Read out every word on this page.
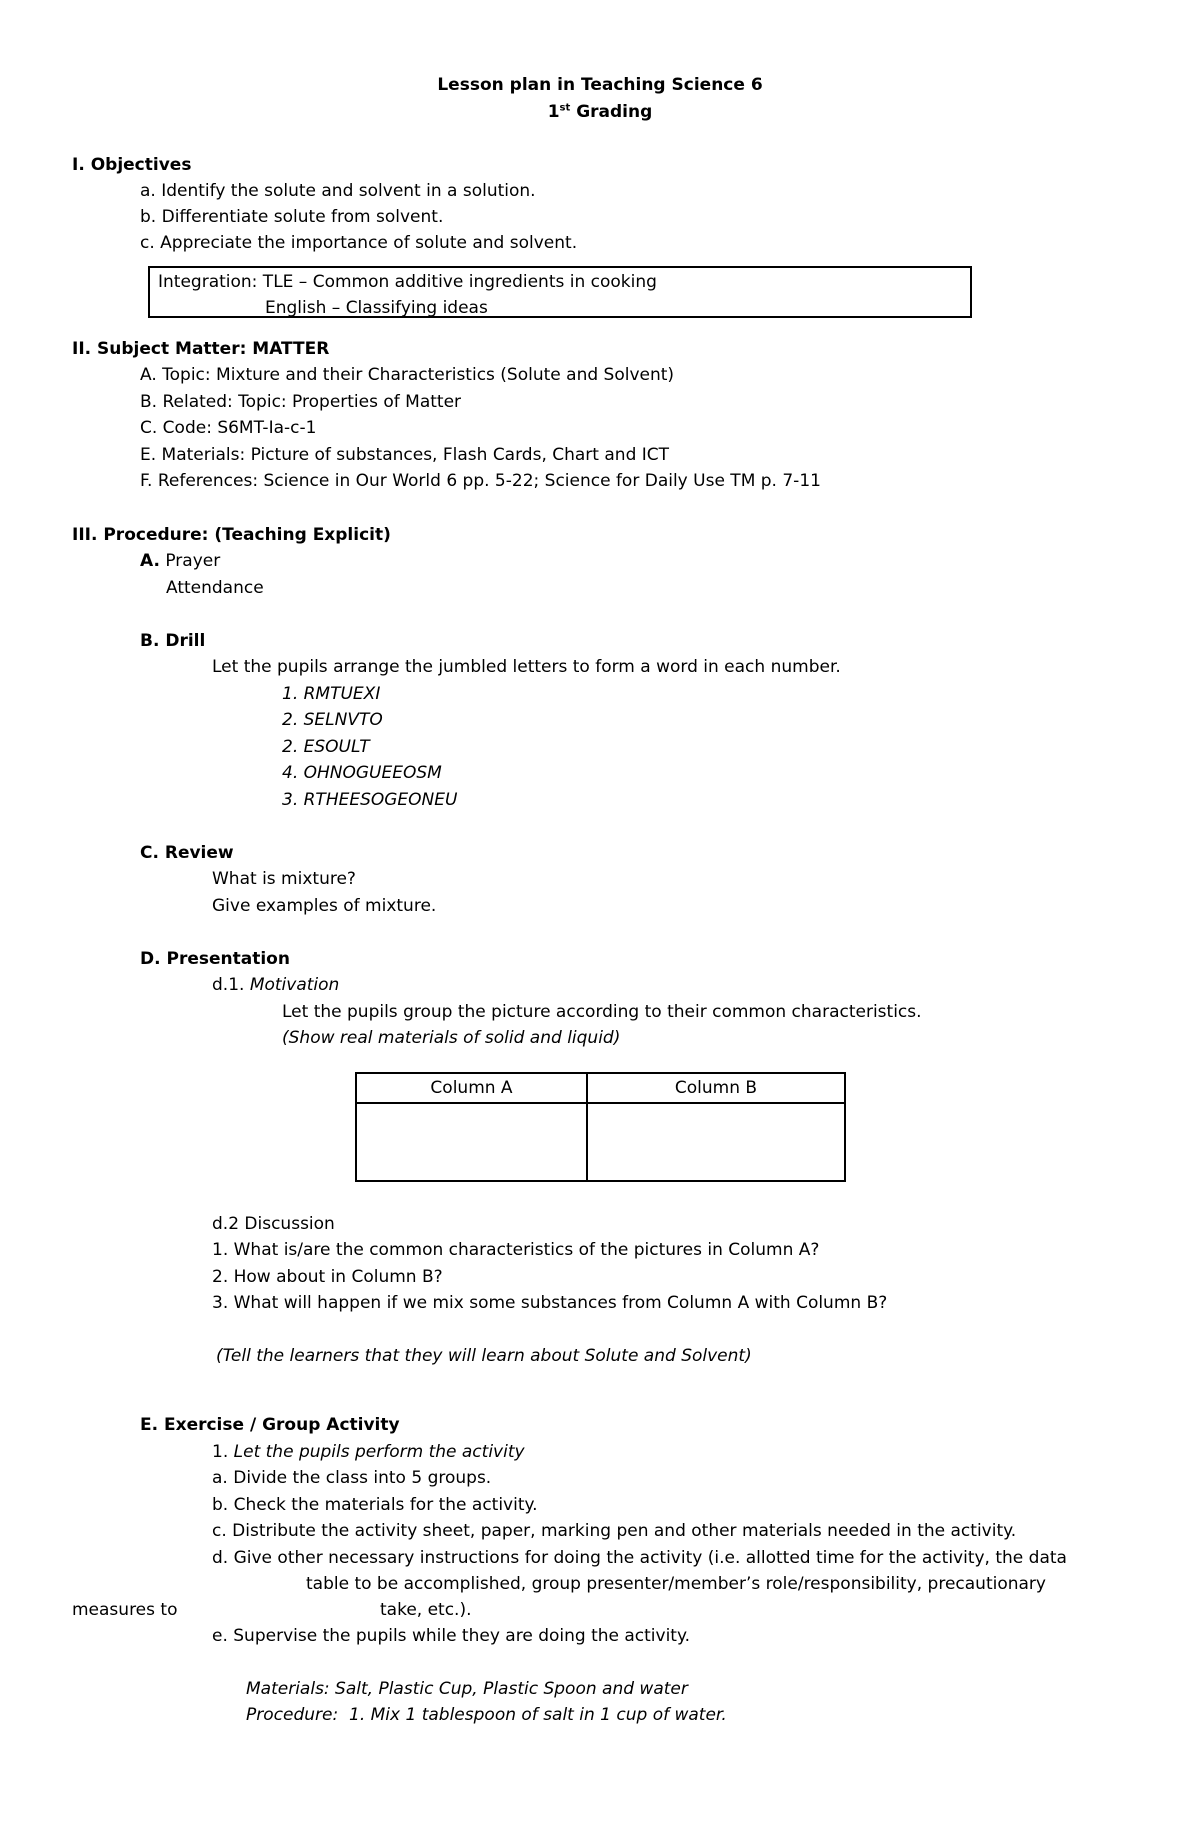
Lesson plan in Teaching Science 6
1st Grading
I. Objectives
a. Identify the solute and solvent in a solution.
b. Differentiate solute from solvent.
c. Appreciate the importance of solute and solvent.
Integration: TLE – Common additive ingredients in cooking
English – Classifying ideas
II. Subject Matter: MATTER
A. Topic: Mixture and their Characteristics (Solute and Solvent)
B. Related: Topic: Properties of Matter
C. Code: S6MT-Ia-c-1
E. Materials: Picture of substances, Flash Cards, Chart and ICT
F. References: Science in Our World 6 pp. 5-22; Science for Daily Use TM p. 7-11
III. Procedure: (Teaching Explicit)
A. Prayer
Attendance
B. Drill
Let the pupils arrange the jumbled letters to form a word in each number.
1. RMTUEXI
2. SELNVTO
2. ESOULT
4. OHNOGUEEOSM
3. RTHEESOGEONEU
C. Review
What is mixture?
Give examples of mixture.
D. Presentation
d.1. Motivation
Let the pupils group the picture according to their common characteristics.
(Show real materials of solid and liquid)
Column A	Column B

d.2 Discussion
1. What is/are the common characteristics of the pictures in Column A?
2. How about in Column B?
3. What will happen if we mix some substances from Column A with Column B?
(Tell the learners that they will learn about Solute and Solvent)
E. Exercise / Group Activity
1. Let the pupils perform the activity
a. Divide the class into 5 groups.
b. Check the materials for the activity.
c. Distribute the activity sheet, paper, marking pen and other materials needed in the activity.
d. Give other necessary instructions for doing the activity (i.e. allotted time for the activity, the data
table to be accomplished, group presenter/member’s role/responsibility, precautionary
measures to	take, etc.).
e. Supervise the pupils while they are doing the activity.
Materials: Salt, Plastic Cup, Plastic Spoon and water
Procedure: 1. Mix 1 tablespoon of salt in 1 cup of water.
